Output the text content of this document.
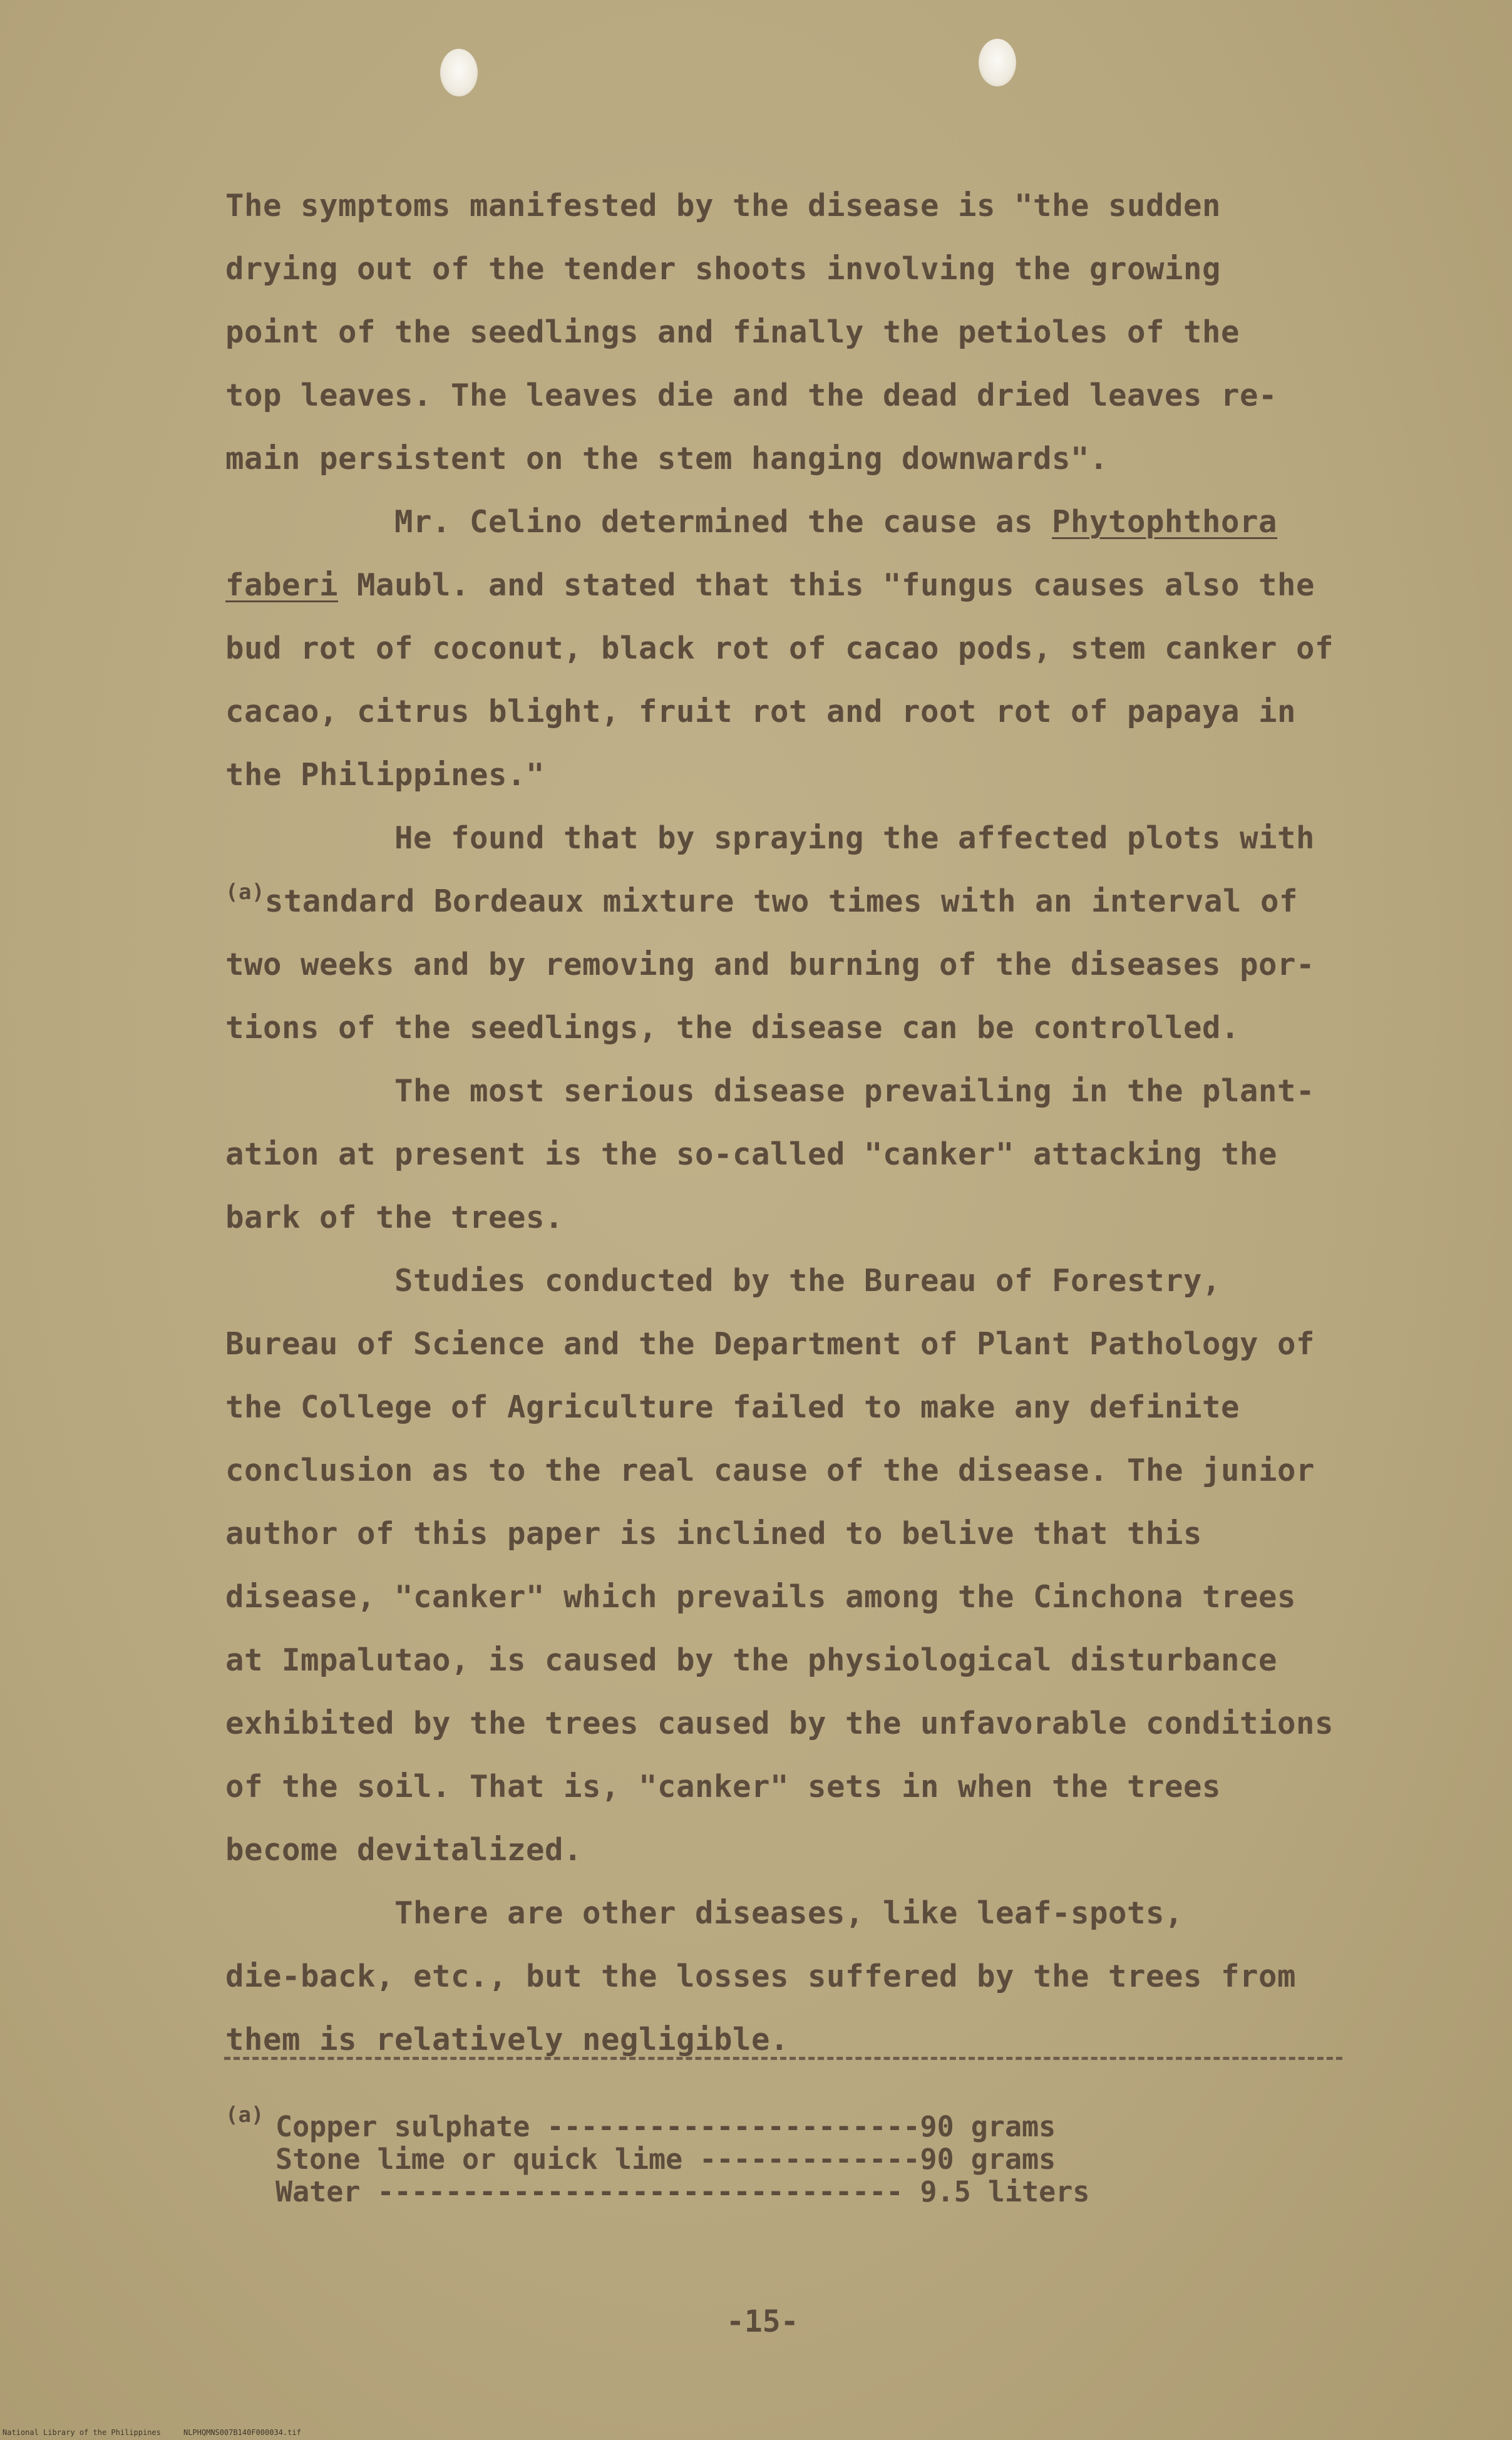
The symptoms manifested by the disease is "the sudden
drying out of the tender shoots involving the growing
point of the seedlings and finally the petioles of the
top leaves. The leaves die and the dead dried leaves re-
main persistent on the stem hanging downwards".
Mr. Celino determined the cause as Phytophthora
faberi Maubl. and stated that this "fungus causes also the
bud rot of coconut, black rot of cacao pods, stem canker of
cacao, citrus blight, fruit rot and root rot of papaya in
the Philippines."
He found that by spraying the affected plots with
$^{(a)}$standard Bordeaux mixture two times with an interval of
two weeks and by removing and burning of the diseases por-
tions of the seedlings, the disease can be controlled.
The most serious disease prevailing in the plant-
ation at present is the so-called "canker" attacking the
bark of the trees.
Studies conducted by the Bureau of Forestry,
Bureau of Science and the Department of Plant Pathology of
the College of Agriculture failed to make any definite
conclusion as to the real cause of the disease. The junior
author of this paper is inclined to belive that this
disease, "canker" which prevails among the Cinchona trees
at Impalutao, is caused by the physiological disturbance
exhibited by the trees caused by the unfavorable conditions
of the soil. That is, "canker" sets in when the trees
become devitalized.
There are other diseases, like leaf-spots,
die-back, etc., but the losses suffered by the trees from
them is relatively negligible.

(a)

Copper sulphate ----------------------90 grams

Stone lime or quick lime -------------90 grams

Water ------------------------------- 9.5 liters

-15-
National Library of the Philippines     NLPHQMNS007B140F000034.tif
